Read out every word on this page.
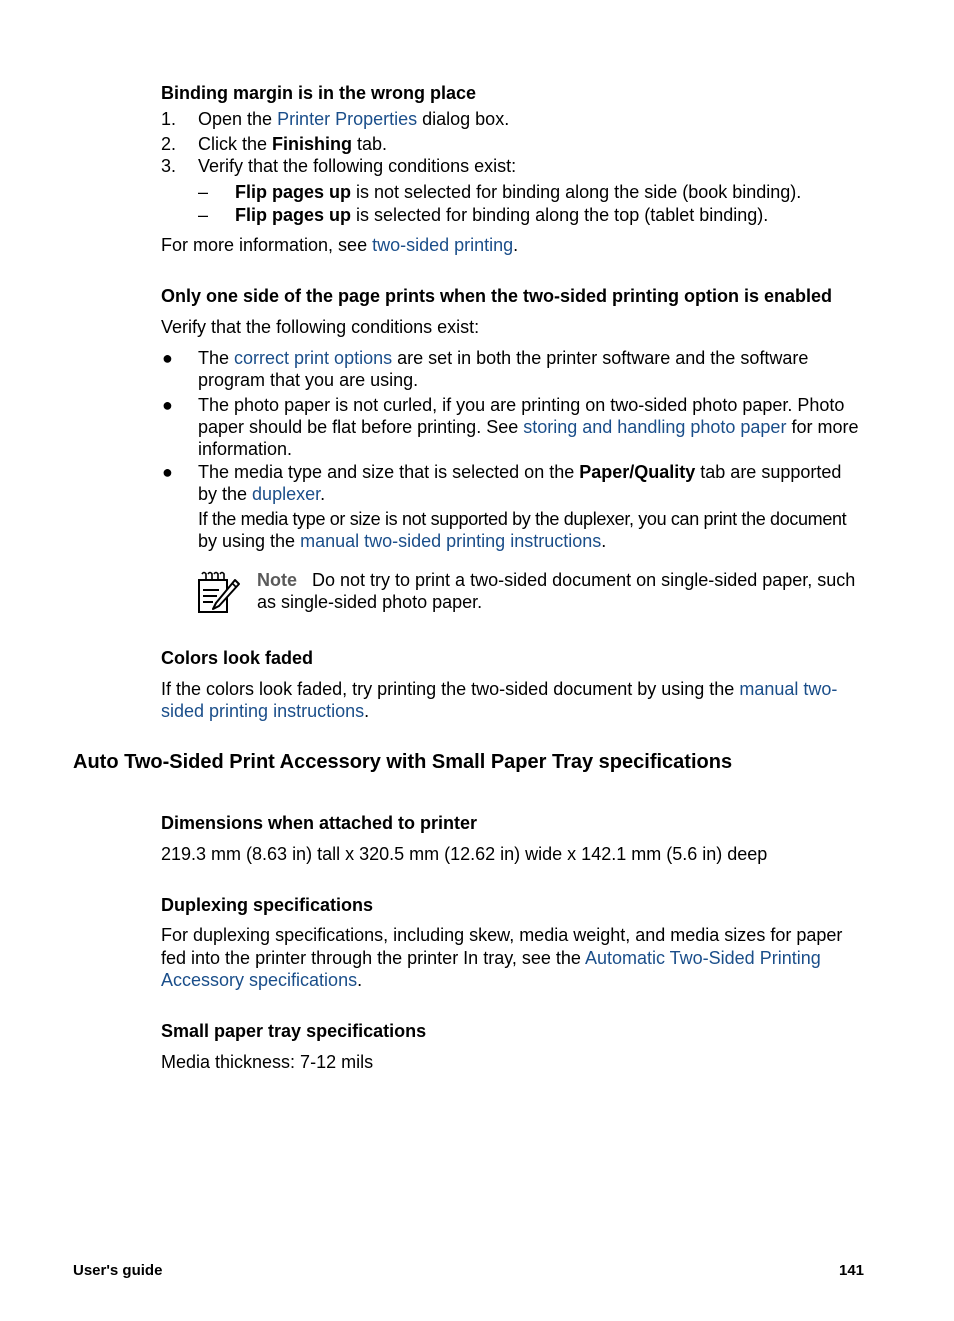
Binding margin is in the wrong place
1. Open the Printer Properties dialog box.
2. Click the Finishing tab.
3. Verify that the following conditions exist:
– Flip pages up is not selected for binding along the side (book binding).
– Flip pages up is selected for binding along the top (tablet binding).
For more information, see two-sided printing.
Only one side of the page prints when the two-sided printing option is enabled
Verify that the following conditions exist:
● The correct print options are set in both the printer software and the software
program that you are using.
● The photo paper is not curled, if you are printing on two-sided photo paper. Photo
paper should be flat before printing. See storing and handling photo paper for more
information.
● The media type and size that is selected on the Paper/Quality tab are supported
by the duplexer.
If the media type or size is not supported by the duplexer, you can print the document
by using the manual two-sided printing instructions.
Note Do not try to print a two-sided document on single-sided paper, such
as single-sided photo paper.
Colors look faded
If the colors look faded, try printing the two-sided document by using the manual two-
sided printing instructions.
Auto Two-Sided Print Accessory with Small Paper Tray specifications
Dimensions when attached to printer
219.3 mm (8.63 in) tall x 320.5 mm (12.62 in) wide x 142.1 mm (5.6 in) deep
Duplexing specifications
For duplexing specifications, including skew, media weight, and media sizes for paper
fed into the printer through the printer In tray, see the Automatic Two-Sided Printing
Accessory specifications.
Small paper tray specifications
Media thickness: 7-12 mils
User's guide	141
